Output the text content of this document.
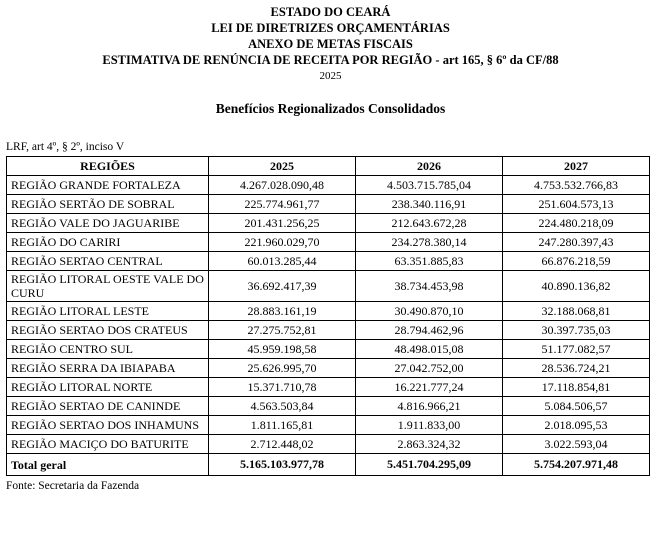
ESTADO DO CEARÁ
LEI DE DIRETRIZES ORÇAMENTÁRIAS
ANEXO DE METAS FISCAIS
ESTIMATIVA DE RENÚNCIA DE RECEITA POR REGIÃO - art 165, § 6º da CF/88
2025
Benefícios Regionalizados Consolidados
LRF, art 4º, § 2º, inciso V
REGIÕES	2025	2026	2027
REGIÃO GRANDE FORTALEZA	4.267.028.090,48	4.503.715.785,04	4.753.532.766,83
REGIÃO SERTÃO DE SOBRAL	225.774.961,77	238.340.116,91	251.604.573,13
REGIÃO VALE DO JAGUARIBE	201.431.256,25	212.643.672,28	224.480.218,09
REGIÃO DO CARIRI	221.960.029,70	234.278.380,14	247.280.397,43
REGIÃO SERTAO CENTRAL	60.013.285,44	63.351.885,83	66.876.218,59
REGIÃO LITORAL OESTE VALE DO CURU	36.692.417,39	38.734.453,98	40.890.136,82
REGIÃO LITORAL LESTE	28.883.161,19	30.490.870,10	32.188.068,81
REGIÃO SERTAO DOS CRATEUS	27.275.752,81	28.794.462,96	30.397.735,03
REGIÃO CENTRO SUL	45.959.198,58	48.498.015,08	51.177.082,57
REGIÃO SERRA DA IBIAPABA	25.626.995,70	27.042.752,00	28.536.724,21
REGIÃO LITORAL NORTE	15.371.710,78	16.221.777,24	17.118.854,81
REGIÃO SERTAO DE CANINDE	4.563.503,84	4.816.966,21	5.084.506,57
REGIÃO SERTAO DOS INHAMUNS	1.811.165,81	1.911.833,00	2.018.095,53
REGIÃO MACIÇO DO BATURITE	2.712.448,02	2.863.324,32	3.022.593,04
Total geral	5.165.103.977,78	5.451.704.295,09	5.754.207.971,48
Fonte: Secretaria da Fazenda
